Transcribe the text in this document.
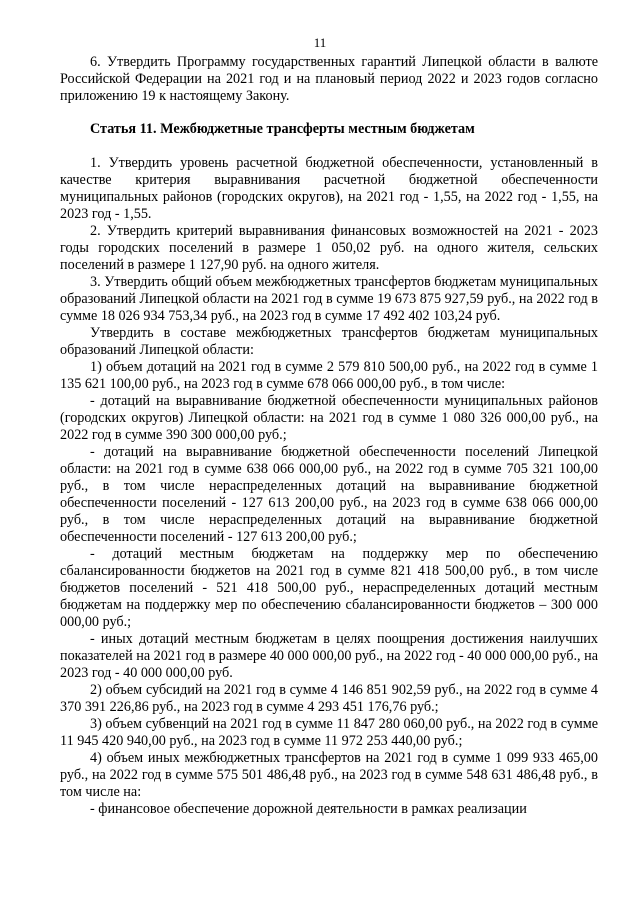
11

6. Утвердить Программу государственных гарантий Липецкой области в валюте Российской Федерации на 2021 год и на плановый период 2022 и 2023 годов согласно приложению 19 к настоящему Закону.

Статья 11. Межбюджетные трансферты местным бюджетам

1. Утвердить уровень расчетной бюджетной обеспеченности, установленный в качестве критерия выравнивания расчетной бюджетной обеспеченности муниципальных районов (городских округов), на 2021 год - 1,55, на 2022 год - 1,55, на 2023 год - 1,55.

2. Утвердить критерий выравнивания финансовых возможностей на 2021 - 2023 годы городских поселений в размере 1 050,02 руб. на одного жителя, сельских поселений в размере 1 127,90 руб. на одного жителя.

3. Утвердить общий объем межбюджетных трансфертов бюджетам муниципальных образований Липецкой области на 2021 год в сумме 19 673 875 927,59 руб., на 2022 год в сумме 18 026 934 753,34 руб., на 2023 год в сумме 17 492 402 103,24 руб.

Утвердить в составе межбюджетных трансфертов бюджетам муниципальных образований Липецкой области:

1) объем дотаций на 2021 год в сумме 2 579 810 500,00 руб., на 2022 год в сумме 1 135 621 100,00 руб., на 2023 год в сумме 678 066 000,00 руб., в том числе:

- дотаций на выравнивание бюджетной обеспеченности муниципальных районов (городских округов) Липецкой области: на 2021 год в сумме 1 080 326 000,00 руб., на 2022 год в сумме 390 300 000,00 руб.;

- дотаций на выравнивание бюджетной обеспеченности поселений Липецкой области: на 2021 год в сумме 638 066 000,00 руб., на 2022 год в сумме 705 321 100,00 руб., в том числе нераспределенных дотаций на выравнивание бюджетной обеспеченности поселений - 127 613 200,00 руб., на 2023 год в сумме 638 066 000,00 руб., в том числе нераспределенных дотаций на выравнивание бюджетной обеспеченности поселений - 127 613 200,00 руб.;

- дотаций местным бюджетам на поддержку мер по обеспечению сбалансированности бюджетов на 2021 год в сумме 821 418 500,00 руб., в том числе бюджетов поселений - 521 418 500,00 руб., нераспределенных дотаций местным бюджетам на поддержку мер по обеспечению сбалансированности бюджетов – 300 000 000,00 руб.;

- иных дотаций местным бюджетам в целях поощрения достижения наилучших показателей на 2021 год в размере 40 000 000,00 руб., на 2022 год - 40 000 000,00 руб., на 2023 год - 40 000 000,00 руб.

2) объем субсидий на 2021 год в сумме 4 146 851 902,59 руб., на 2022 год в сумме 4 370 391 226,86 руб., на 2023 год в сумме 4 293 451 176,76 руб.;

3) объем субвенций на 2021 год в сумме 11 847 280 060,00 руб., на 2022 год в сумме 11 945 420 940,00 руб., на 2023 год в сумме 11 972 253 440,00 руб.;

4) объем иных межбюджетных трансфертов на 2021 год в сумме 1 099 933 465,00 руб., на 2022 год в сумме 575 501 486,48 руб., на 2023 год в сумме 548 631 486,48 руб., в том числе на:

- финансовое обеспечение дорожной деятельности в рамках реализации
